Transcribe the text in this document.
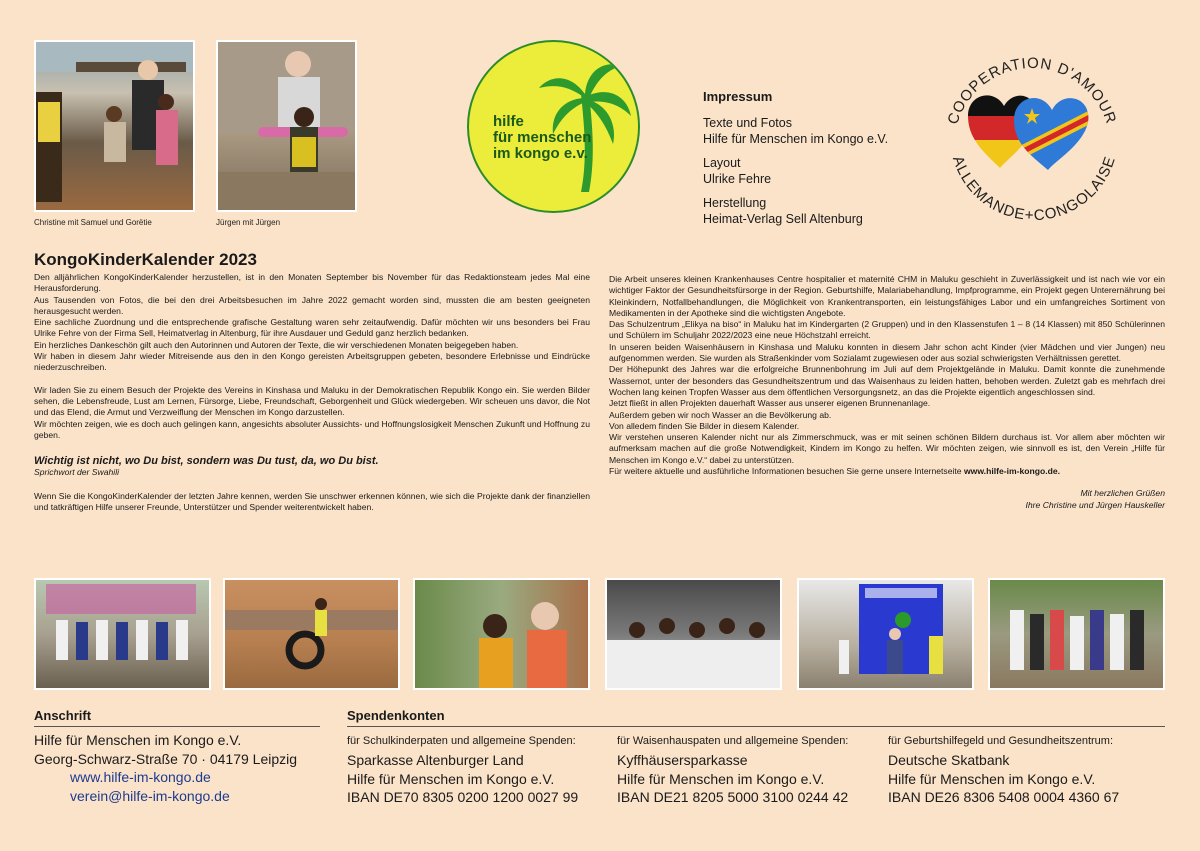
Christine mit Samuel und Gorëtie	Jürgen mit Jürgen
hilfe
für menschen
im kongo e.v.
Impressum
Texte und Fotos
Hilfe für Menschen im Kongo e.V.
Layout
Ulrike Fehre
Herstellung
Heimat-Verlag Sell Altenburg
COOPERATION D'AMOUR
ALLEMANDE+CONGOLAISE
KongoKinderKalender 2023

Den alljährlichen KongoKinderKalender herzustellen, ist in den Monaten September bis November für das Redaktionsteam jedes Mal eine Herausforderung.

Aus Tausenden von Fotos, die bei den drei Arbeitsbesuchen im Jahre 2022 gemacht worden sind, mussten die am besten geeigneten herausgesucht werden.

Eine sachliche Zuordnung und die entsprechende grafische Gestaltung waren sehr zeitaufwendig. Dafür möchten wir uns besonders bei Frau Ulrike Fehre von der Firma Sell, Heimatverlag in Altenburg, für ihre Ausdauer und Geduld ganz herzlich bedanken.

Ein herzliches Dankeschön gilt auch den Autorinnen und Autoren der Texte, die wir verschiedenen Monaten beigegeben haben.

Wir haben in diesem Jahr wieder Mitreisende aus den in den Kongo gereisten Arbeitsgruppen gebeten, besondere Erlebnisse und Eindrücke niederzuschreiben.

Wir laden Sie zu einem Besuch der Projekte des Vereins in Kinshasa und Maluku in der Demokratischen Republik Kongo ein. Sie werden Bilder sehen, die Lebensfreude, Lust am Lernen, Fürsorge, Liebe, Freundschaft, Geborgenheit und Glück wiedergeben. Wir scheuen uns davor, die Not und das Elend, die Armut und Verzweiflung der Menschen im Kongo darzustellen.

Wir möchten zeigen, wie es doch auch gelingen kann, angesichts absoluter Aussichts- und Hoffnungslosigkeit Menschen Zukunft und Hoffnung zu geben.

Wichtig ist nicht, wo Du bist, sondern was Du tust, da, wo Du bist.
Sprichwort der Swahili

Wenn Sie die KongoKinderKalender der letzten Jahre kennen, werden Sie unschwer erkennen können, wie sich die Projekte dank der finanziellen und tatkräftigen Hilfe unserer Freunde, Unterstützer und Spender weiterentwickelt haben.

Die Arbeit unseres kleinen Krankenhauses Centre hospitalier et maternité CHM in Maluku geschieht in Zuverlässigkeit und ist nach wie vor ein wichtiger Faktor der Gesundheitsfürsorge in der Region. Geburtshilfe, Malariabehandlung, Impfprogramme, ein Projekt gegen Unterernährung bei Kleinkindern, Notfallbehandlungen, die Möglichkeit von Krankentransporten, ein leistungsfähiges Labor und ein umfangreiches Sortiment von Medikamenten in der Apotheke sind die wichtigsten Angebote.

Das Schulzentrum „Elikya na biso“ in Maluku hat im Kindergarten (2 Gruppen) und in den Klassenstufen 1 – 8 (14 Klassen) mit 850 Schülerinnen und Schülern im Schuljahr 2022/2023 eine neue Höchstzahl erreicht.

In unseren beiden Waisenhäusern in Kinshasa und Maluku konnten in diesem Jahr schon acht Kinder (vier Mädchen und vier Jungen) neu aufgenommen werden. Sie wurden als Straßenkinder vom Sozialamt zugewiesen oder aus sozial schwierigsten Verhältnissen gerettet.

Der Höhepunkt des Jahres war die erfolgreiche Brunnenbohrung im Juli auf dem Projektgelände in Maluku. Damit konnte die zunehmende Wassernot, unter der besonders das Gesundheitszentrum und das Waisenhaus zu leiden hatten, behoben werden. Zuletzt gab es mehrfach drei Wochen lang keinen Tropfen Wasser aus dem öffentlichen Versorgungsnetz, an das die Projekte eigentlich angeschlossen sind.

Jetzt fließt in allen Projekten dauerhaft Wasser aus unserer eigenen Brunnenanlage.

Außerdem geben wir noch Wasser an die Bevölkerung ab.

Von alledem finden Sie Bilder in diesem Kalender.

Wir verstehen unseren Kalender nicht nur als Zimmerschmuck, was er mit seinen schönen Bildern durchaus ist. Vor allem aber möchten wir aufmerksam machen auf die große Notwendigkeit, Kindern im Kongo zu helfen. Wir möchten zeigen, wie sinnvoll es ist, den Verein „Hilfe für Menschen im Kongo e.V.“ dabei zu unterstützen.

Für weitere aktuelle und ausführliche Informationen besuchen Sie gerne unsere Internetseite www.hilfe-im-kongo.de.

Mit herzlichen Grüßen
Ihre Christine und Jürgen Hauskeller
Anschrift
Hilfe für Menschen im Kongo e.V.
Georg-Schwarz-Straße 70 · 04179 Leipzig
www.hilfe-im-kongo.de
verein@hilfe-im-kongo.de
Spendenkonten
für Schulkinderpaten und allgemeine Spenden:
Sparkasse Altenburger Land
Hilfe für Menschen im Kongo e.V.
IBAN DE70 8305 0200 1200 0027 99
für Waisenhauspaten und allgemeine Spenden:
Kyffhäusersparkasse
Hilfe für Menschen im Kongo e.V.
IBAN DE21 8205 5000 3100 0244 42
für Geburtshilfegeld und Gesundheitszentrum:
Deutsche Skatbank
Hilfe für Menschen im Kongo e.V.
IBAN DE26 8306 5408 0004 4360 67
